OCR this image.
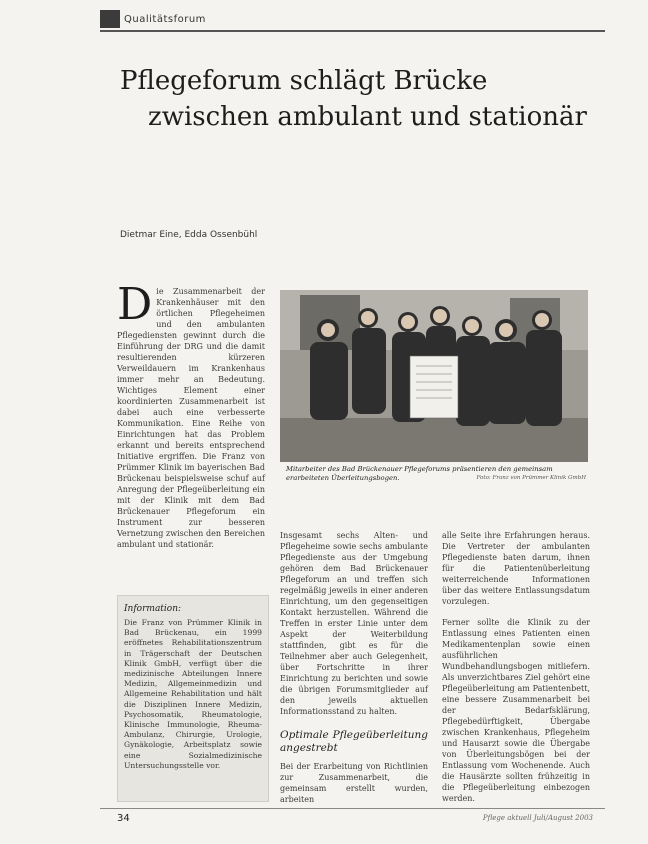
Qualitätsforum
Pflegeforum schlägt Brücke
zwischen ambulant und stationär
Dietmar Eine, Edda Ossenbühl
D ie Zusammenarbeit der Krankenhäuser mit den örtlichen Pflegeheimen und den ambulanten Pflegediensten gewinnt durch die Einführung der DRG und die damit resultierenden kürzeren Verweildauern im Krankenhaus immer mehr an Bedeutung. Wichtiges Element einer koordinierten Zusammenarbeit ist dabei auch eine verbesserte Kommunikation. Eine Reihe von Einrichtungen hat das Problem erkannt und bereits entsprechend Initiative ergriffen. Die Franz von Prümmer Klinik im bayerischen Bad Brückenau beispielsweise schuf auf Anregung der Pflegeüberleitung ein mit der Klinik mit dem Bad Brückenauer Pflegeforum ein Instrument zur besseren Vernetzung zwischen den Bereichen ambulant und stationär.
Mitarbeiter des Bad Brückenauer Pflegeforums präsentieren den gemeinsam erarbeiteten Überleitungsbogen.	Foto: Franz von Prümmer Klinik GmbH
Insgesamt sechs Alten- und Pflegeheime sowie sechs ambulante Pflegedienste aus der Umgebung gehören dem Bad Brückenauer Pflegeforum an und treffen sich regelmäßig jeweils in einer anderen Einrichtung, um den gegenseitigen Kontakt herzustellen. Während die Treffen in erster Linie unter dem Aspekt der Weiterbildung stattfinden, gibt es für die Teilnehmer aber auch Gelegenheit, über Fortschritte in ihrer Einrichtung zu berichten und sowie die übrigen Forumsmitglieder auf den jeweils aktuellen Informationsstand zu halten.
Optimale Pflegeüberleitung angestrebt
Bei der Erarbeitung von Richtlinien zur Zusammenarbeit, die gemeinsam erstellt wurden, arbeiten
alle Seite ihre Erfahrungen heraus. Die Vertreter der ambulanten Pflegedienste baten darum, ihnen für die Patientenüberleitung weiterreichende Informationen über das weitere Entlassungsdatum vorzulegen.
Ferner sollte die Klinik zu der Entlassung eines Patienten einen Medikamentenplan sowie einen ausführlichen Wundbehandlungsbogen mitliefern. Als unverzichtbares Ziel gehört eine Pflegeüberleitung am Patientenbett, eine bessere Zusammenarbeit bei der Bedarfsklärung, Pflegebedürftigkeit, Übergabe zwischen Krankenhaus, Pflegeheim und Hausarzt sowie die Übergabe von Überleitungsbögen bei der Entlassung vom Wochenende. Auch die Hausärzte sollten frühzeitig in die Pflegeüberleitung einbezogen werden.
Information:
Die Franz von Prümmer Klinik in Bad Brückenau, ein 1999 eröffnetes Rehabilitationszentrum in Trägerschaft der Deutschen Klinik GmbH, verfügt über die medizinische Abteilungen Innere Medizin, Allgemeinmedizin und Allgemeine Rehabilitation und hält die Disziplinen Innere Medizin, Psychosomatik, Rheumatologie, Klinische Immunologie, Rheuma-Ambulanz, Chirurgie, Urologie, Gynäkologie, Arbeitsplatz sowie eine Sozialmedizinische Untersuchungsstelle vor.
34	Pflege aktuell Juli/August 2003
